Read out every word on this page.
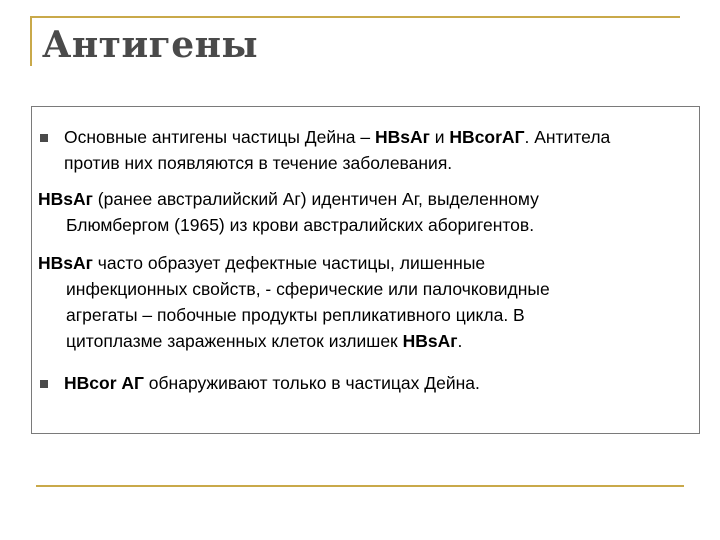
Антигены

Основные антигены частицы Дейна – HBsAг и HBcorAГ. Антитела
против них появляются в течение заболевания.

HBsAг (ранее австралийский Аг) идентичен Аг, выделенному
Блюмбергом (1965) из крови австралийских аборигентов.

HBsAг часто образует дефектные частицы, лишенные
инфекционных свойств, - сферические или палочковидные
агрегаты – побочные продукты репликативного цикла. В
цитоплазме зараженных клеток излишек HBsAг.

HBcor АГ обнаруживают только в частицах Дейна.
